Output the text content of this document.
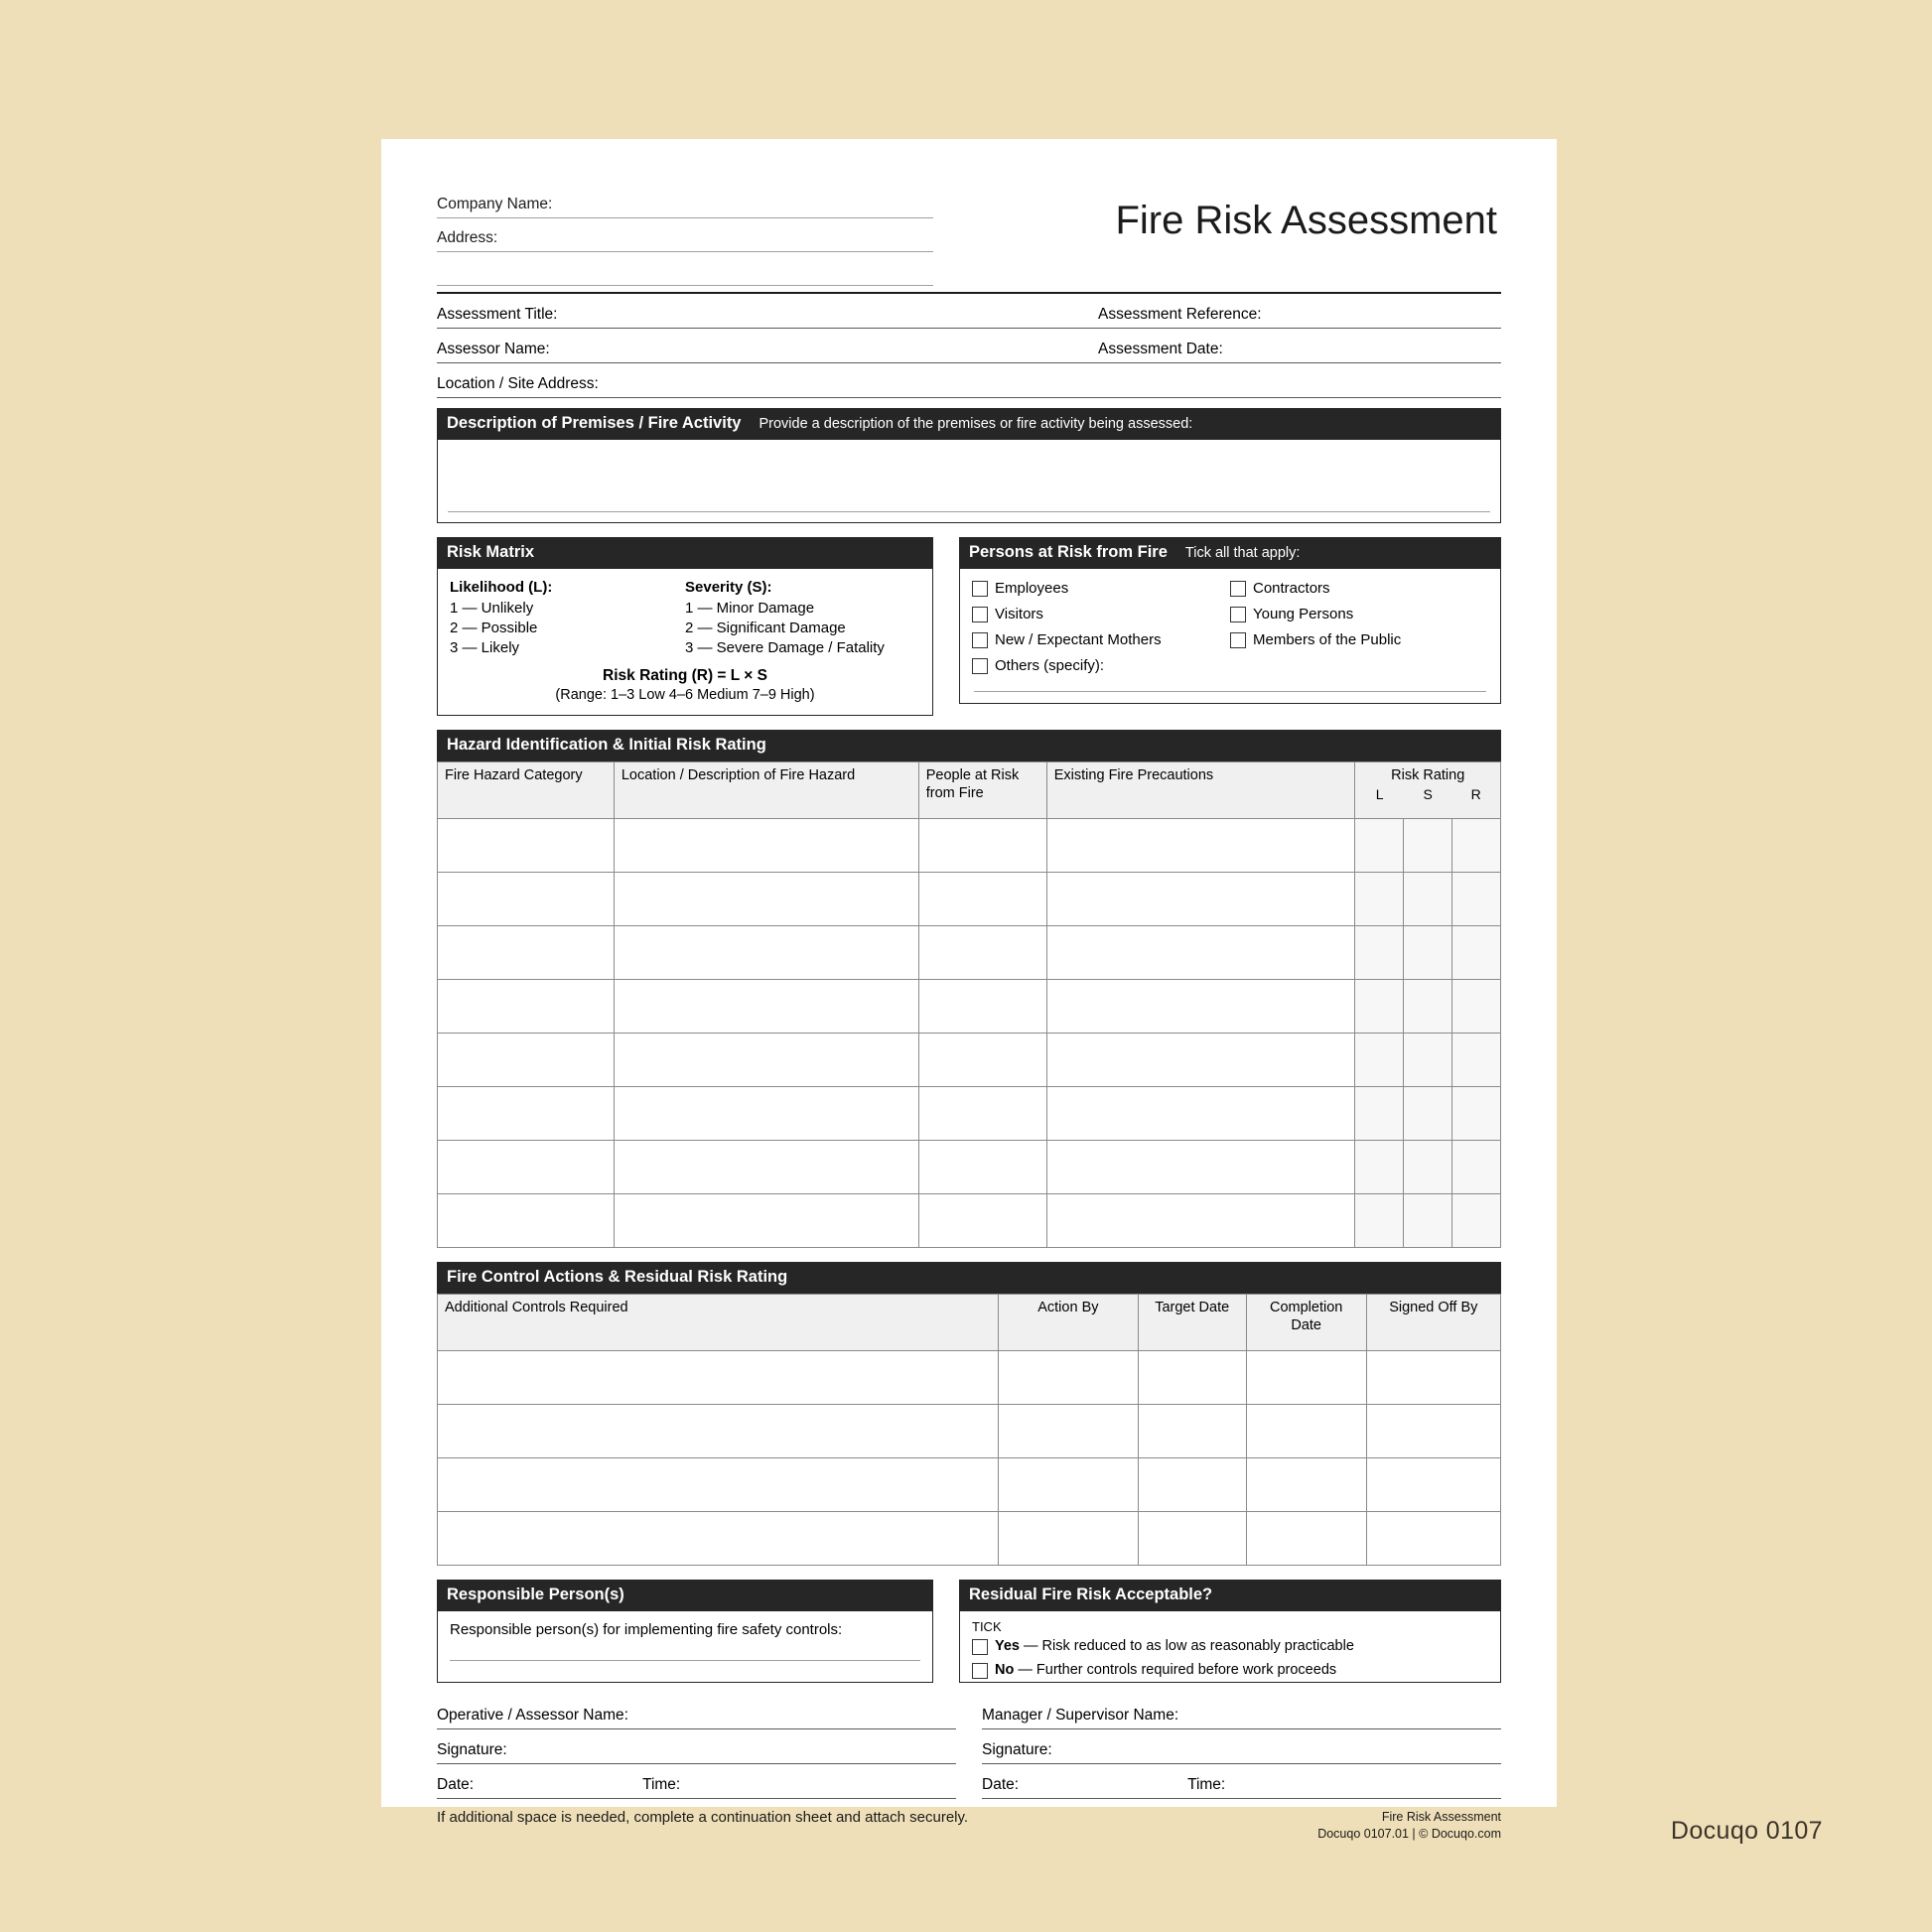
Company Name:
Address:	Fire Risk Assessment
Assessment Title:	Assessment Reference:
Assessor Name:	Assessment Date:
Location / Site Address:
Description of Premises / Fire Activity Provide a description of the premises or fire activity being assessed:
Risk Matrix
Likelihood (L):
1 — Unlikely
2 — Possible
3 — Likely
Severity (S):
1 — Minor Damage
2 — Significant Damage
3 — Severe Damage / Fatality
Risk Rating (R) = L × S
(Range: 1–3 Low 4–6 Medium 7–9 High)
Persons at Risk from Fire Tick all that apply:
Employees	Contractors
Visitors	Young Persons
New / Expectant Mothers	Members of the Public
Others (specify):
Hazard Identification & Initial Risk Rating
Fire Hazard Category	Location / Description of Fire Hazard	People at Risk from Fire	Existing Fire Precautions	Risk Rating
L S R		

Fire Control Actions & Residual Risk Rating
Additional Controls Required	Action By	Target Date	Completion Date	Signed Off By

Responsible Person(s)
Responsible person(s) for implementing fire safety controls:
Residual Fire Risk Acceptable?
TICK
Yes — Risk reduced to as low as reasonably practicable
No — Further controls required before work proceeds
Operative / Assessor Name:
Signature:
Date:	Time:
Manager / Supervisor Name:
Signature:
Date:	Time:
If additional space is needed, complete a continuation sheet and attach securely.	Fire Risk Assessment
Docuqo 0107.01 | © Docuqo.com	Docuqo 0107
